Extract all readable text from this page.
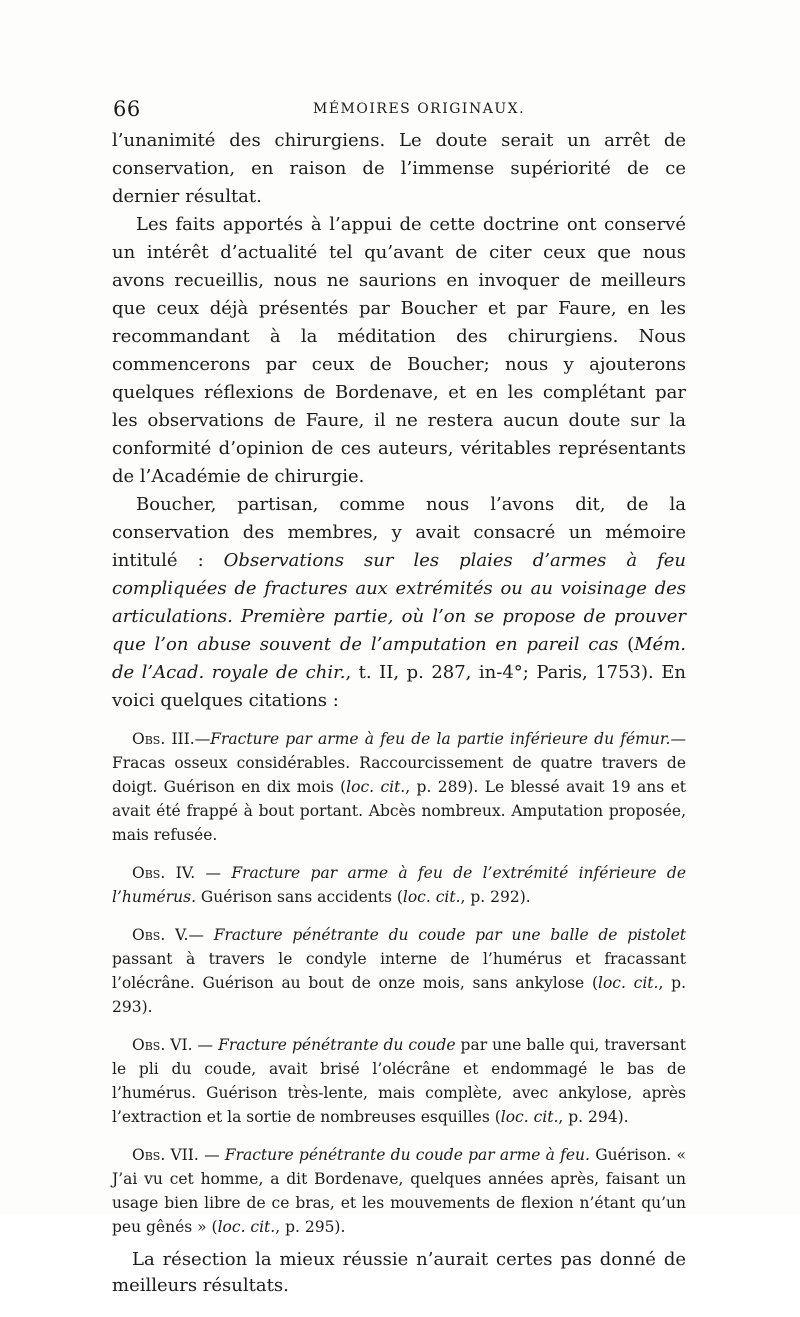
66	MÉMOIRES ORIGINAUX.

l’unanimité des chirurgiens. Le doute serait un arrêt de conservation, en raison de l’immense supériorité de ce dernier résultat.

Les faits apportés à l’appui de cette doctrine ont conservé un intérêt d’actualité tel qu’avant de citer ceux que nous avons recueillis, nous ne saurions en invoquer de meilleurs que ceux déjà présentés par Boucher et par Faure, en les recommandant à la méditation des chirurgiens. Nous commencerons par ceux de Boucher; nous y ajouterons quelques réflexions de Bordenave, et en les complétant par les observations de Faure, il ne restera aucun doute sur la conformité d’opinion de ces auteurs, véritables représentants de l’Académie de chirurgie.

Boucher, partisan, comme nous l’avons dit, de la conservation des membres, y avait consacré un mémoire intitulé : Observations sur les plaies d’armes à feu compliquées de fractures aux extrémités ou au voisinage des articulations. Première partie, où l’on se propose de prouver que l’on abuse souvent de l’amputation en pareil cas (Mém. de l’Acad. royale de chir., t. II, p. 287, in-4°; Paris, 1753). En voici quelques citations :

Obs. III.—Fracture par arme à feu de la partie inférieure du fémur.— Fracas osseux considérables. Raccourcissement de quatre travers de doigt. Guérison en dix mois (loc. cit., p. 289). Le blessé avait 19 ans et avait été frappé à bout portant. Abcès nombreux. Amputation proposée, mais refusée.

Obs. IV. — Fracture par arme à feu de l’extrémité inférieure de l’humérus. Guérison sans accidents (loc. cit., p. 292).

Obs. V.— Fracture pénétrante du coude par une balle de pistolet passant à travers le condyle interne de l’humérus et fracassant l’olécrâne. Guérison au bout de onze mois, sans ankylose (loc. cit., p. 293).

Obs. VI. — Fracture pénétrante du coude par une balle qui, traversant le pli du coude, avait brisé l’olécrâne et endommagé le bas de l’humérus. Guérison très-lente, mais complète, avec ankylose, après l’extraction et la sortie de nombreuses esquilles (loc. cit., p. 294).

Obs. VII. — Fracture pénétrante du coude par arme à feu. Guérison. « J’ai vu cet homme, a dit Bordenave, quelques années après, faisant un usage bien libre de ce bras, et les mouvements de flexion n’étant qu’un peu gênés » (loc. cit., p. 295).

La résection la mieux réussie n’aurait certes pas donné de meilleurs résultats.
